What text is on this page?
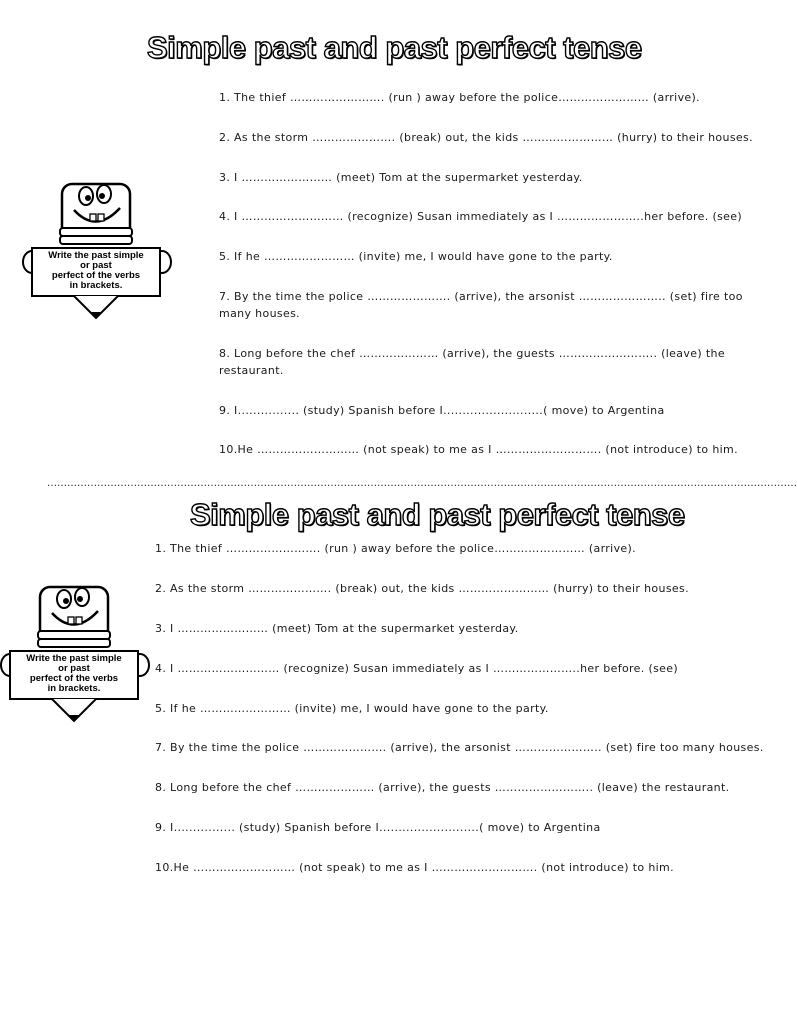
Simple past and past perfect tense
Write the past simple
or past
perfect of the verbs
in brackets.
1. The thief ……………………. (run ) away before the police…………………… (arrive).
2. As the storm …………………. (break) out, the kids …………………… (hurry) to their houses.
3. I …………………… (meet) Tom at the supermarket yesterday.
4. I ……………………… (recognize) Susan immediately as I …………………..her before. (see)
5. If he …………………… (invite) me, I would have gone to the party.
7. By the time the police …………………. (arrive), the arsonist ………………….. (set) fire too many houses.
8. Long before the chef ………………… (arrive), the guests …………………….. (leave) the restaurant.
9. I................ (study) Spanish before I..........................( move) to Argentina
10.He ……………………… (not speak) to me as I ………………………. (not introduce) to him.
………………………………………………………………………………………………………………………………………………………………………………………………………
Simple past and past perfect tense
Write the past simple
or past
perfect of the verbs
in brackets.
1. The thief ……………………. (run ) away before the police…………………… (arrive).
2. As the storm …………………. (break) out, the kids …………………… (hurry) to their houses.
3. I …………………… (meet) Tom at the supermarket yesterday.
4. I ……………………… (recognize) Susan immediately as I …………………..her before. (see)
5. If he …………………… (invite) me, I would have gone to the party.
7. By the time the police …………………. (arrive), the arsonist ………………….. (set) fire too many houses.
8. Long before the chef ………………… (arrive), the guests …………………….. (leave) the restaurant.
9. I................ (study) Spanish before I..........................( move) to Argentina
10.He ……………………… (not speak) to me as I ………………………. (not introduce) to him.
